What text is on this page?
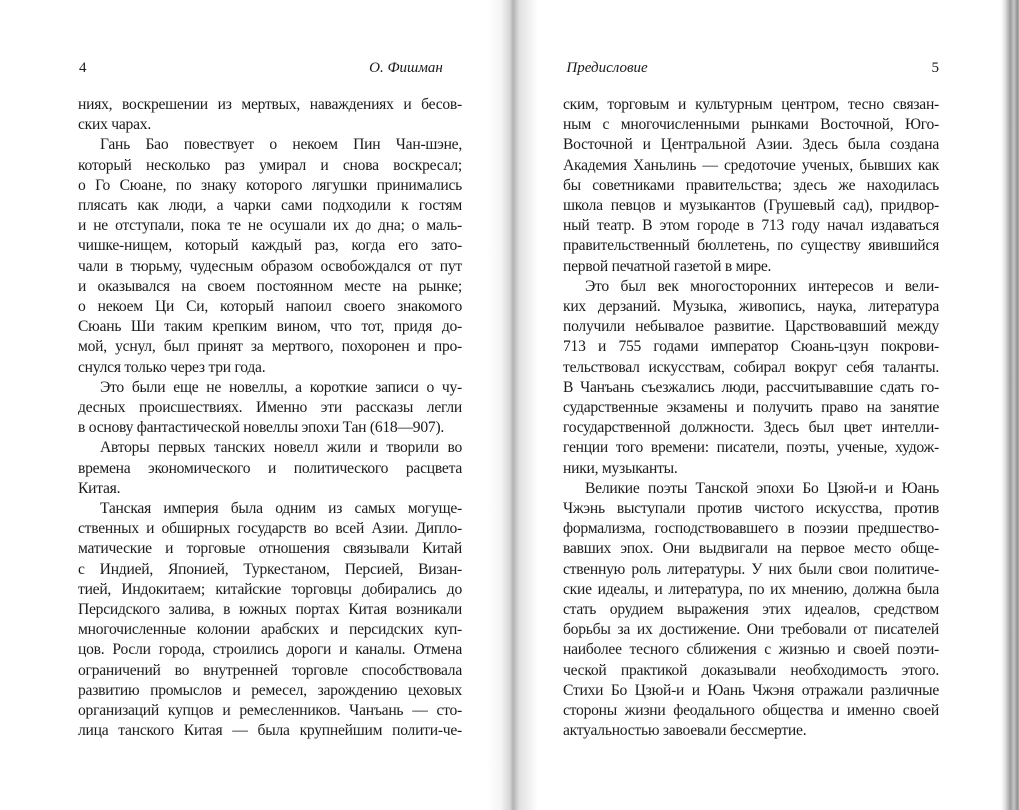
4	О. Фишман	Предисловие	5
ниях, воскрешении из мертвых, наваждениях и бесов-
ских чарах.
Гань Бао повествует о некоем Пин Чан-шэне,
который несколько раз умирал и снова воскресал;
о Го Сюане, по знаку которого лягушки принимались
плясать как люди, а чарки сами подходили к гостям
и не отступали, пока те не осушали их до дна; о маль-
чишке-нищем, который каждый раз, когда его зато-
чали в тюрьму, чудесным образом освобождался от пут
и оказывался на своем постоянном месте на рынке;
о некоем Ци Си, который напоил своего знакомого
Сюань Ши таким крепким вином, что тот, придя до-
мой, уснул, был принят за мертвого, похоронен и про-
снулся только через три года.
Это были еще не новеллы, а короткие записи о чу-
десных происшествиях. Именно эти рассказы легли
в основу фантастической новеллы эпохи Тан (618—907).
Авторы первых танских новелл жили и творили во
времена экономического и политического расцвета
Китая.
Танская империя была одним из самых могуще-
ственных и обширных государств во всей Азии. Дипло-
матические и торговые отношения связывали Китай
с Индией, Японией, Туркестаном, Персией, Визан-
тией, Индокитаем; китайские торговцы добирались до
Персидского залива, в южных портах Китая возникали
многочисленные колонии арабских и персидских куп-
цов. Росли города, строились дороги и каналы. Отмена
ограничений во внутренней торговле способствовала
развитию промыслов и ремесел, зарождению цеховых
организаций купцов и ремесленников. Чанъань — сто-
лица танского Китая — была крупнейшим полити-че-
ским, торговым и культурным центром, тесно связан-
ным с многочисленными рынками Восточной, Юго-
Восточной и Центральной Азии. Здесь была создана
Академия Ханьлинь — средоточие ученых, бывших как
бы советниками правительства; здесь же находилась
школа певцов и музыкантов (Грушевый сад), придвор-
ный театр. В этом городе в 713 году начал издаваться
правительственный бюллетень, по существу явившийся
первой печатной газетой в мире.
Это был век многосторонних интересов и вели-
ких дерзаний. Музыка, живопись, наука, литература
получили небывалое развитие. Царствовавший между
713 и 755 годами император Сюань-цзун покрови-
тельствовал искусствам, собирал вокруг себя таланты.
В Чанъань съезжались люди, рассчитывавшие сдать го-
сударственные экзамены и получить право на занятие
государственной должности. Здесь был цвет интелли-
генции того времени: писатели, поэты, ученые, худож-
ники, музыканты.
Великие поэты Танской эпохи Бо Цзюй-и и Юань
Чжэнь выступали против чистого искусства, против
формализма, господствовавшего в поэзии предшество-
вавших эпох. Они выдвигали на первое место обще-
ственную роль литературы. У них были свои политиче-
ские идеалы, и литература, по их мнению, должна была
стать орудием выражения этих идеалов, средством
борьбы за их достижение. Они требовали от писателей
наиболее тесного сближения с жизнью и своей поэти-
ческой практикой доказывали необходимость этого.
Стихи Бо Цзюй-и и Юань Чжэня отражали различные
стороны жизни феодального общества и именно своей
актуальностью завоевали бессмертие.
